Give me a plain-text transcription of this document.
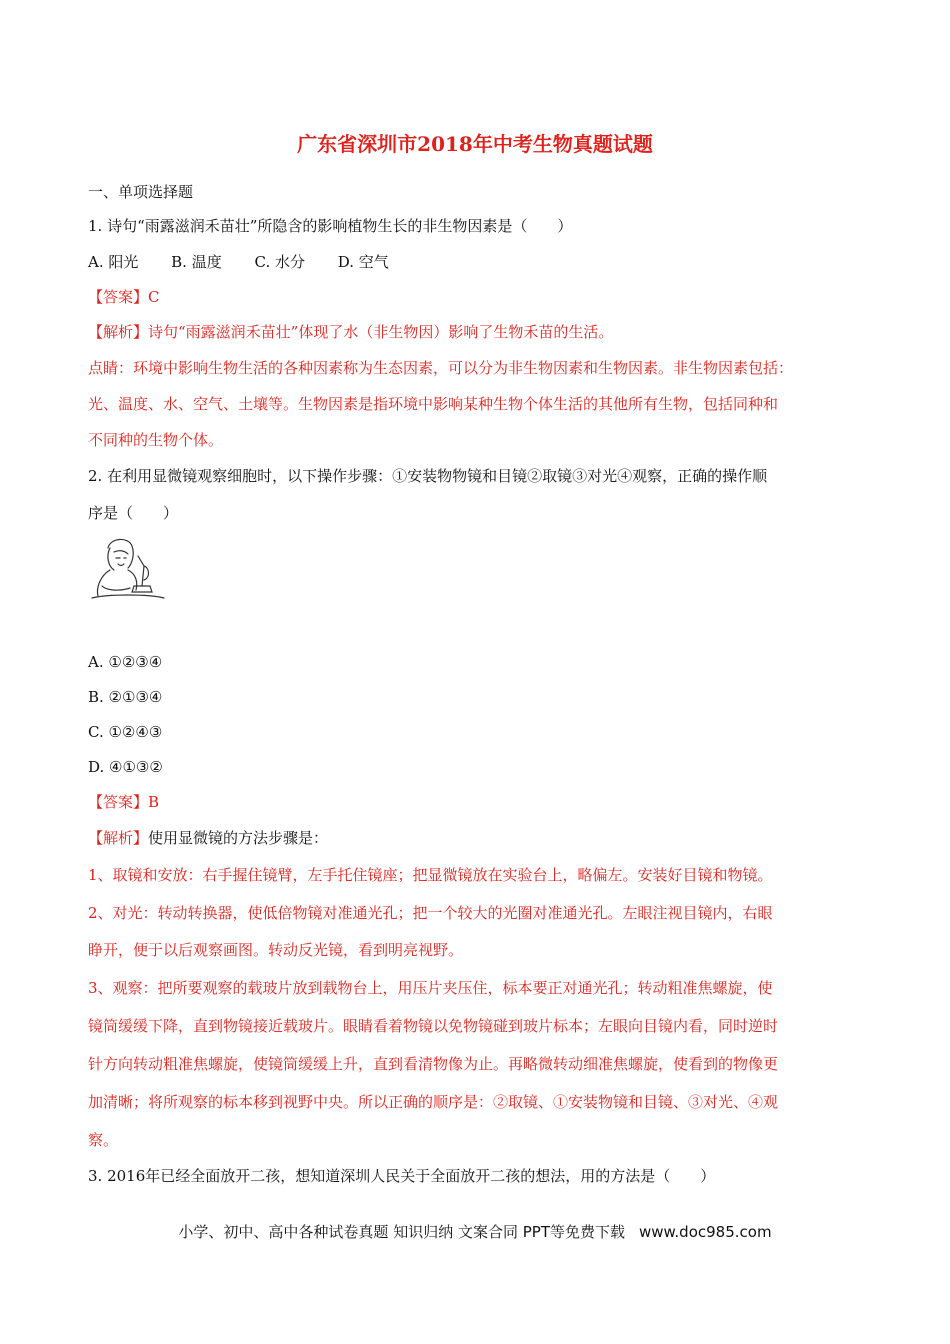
广东省深圳市2018年中考生物真题试题
一、单项选择题
1. 诗句“雨露滋润禾苗壮”所隐含的影响植物生长的非生物因素是（　　）
A. 阳光 B. 温度 C. 水分 D. 空气
【答案】C
【解析】诗句“雨露滋润禾苗壮”体现了水（非生物因）影响了生物禾苗的生活。
点睛：环境中影响生物生活的各种因素称为生态因素，可以分为非生物因素和生物因素。非生物因素包括：
光、温度、水、空气、土壤等。生物因素是指环境中影响某种生物个体生活的其他所有生物，包括同种和
不同种的生物个体。
2. 在利用显微镜观察细胞时，以下操作步骤：①安装物物镜和目镜②取镜③对光④观察，正确的操作顺
序是（　　）
A. ①②③④
B. ②①③④
C. ①②④③
D. ④①③②
【答案】B
【解析】使用显微镜的方法步骤是：
1、取镜和安放：右手握住镜臂，左手托住镜座；把显微镜放在实验台上，略偏左。安装好目镜和物镜。
2、对光：转动转换器，使低倍物镜对准通光孔；把一个较大的光圈对准通光孔。左眼注视目镜内，右眼
睁开，便于以后观察画图。转动反光镜，看到明亮视野。
3、观察：把所要观察的载玻片放到载物台上，用压片夹压住，标本要正对通光孔；转动粗准焦螺旋，使
镜筒缓缓下降，直到物镜接近载玻片。眼睛看着物镜以免物镜碰到玻片标本；左眼向目镜内看，同时逆时
针方向转动粗准焦螺旋，使镜筒缓缓上升，直到看清物像为止。再略微转动细准焦螺旋，使看到的物像更
加清晰；将所观察的标本移到视野中央。所以正确的顺序是：②取镜、①安装物镜和目镜、③对光、④观
察。
3. 2016年已经全面放开二孩，想知道深圳人民关于全面放开二孩的想法，用的方法是（　　）
小学、初中、高中各种试卷真题 知识归纳 文案合同 PPT等免费下载 www.doc985.com
